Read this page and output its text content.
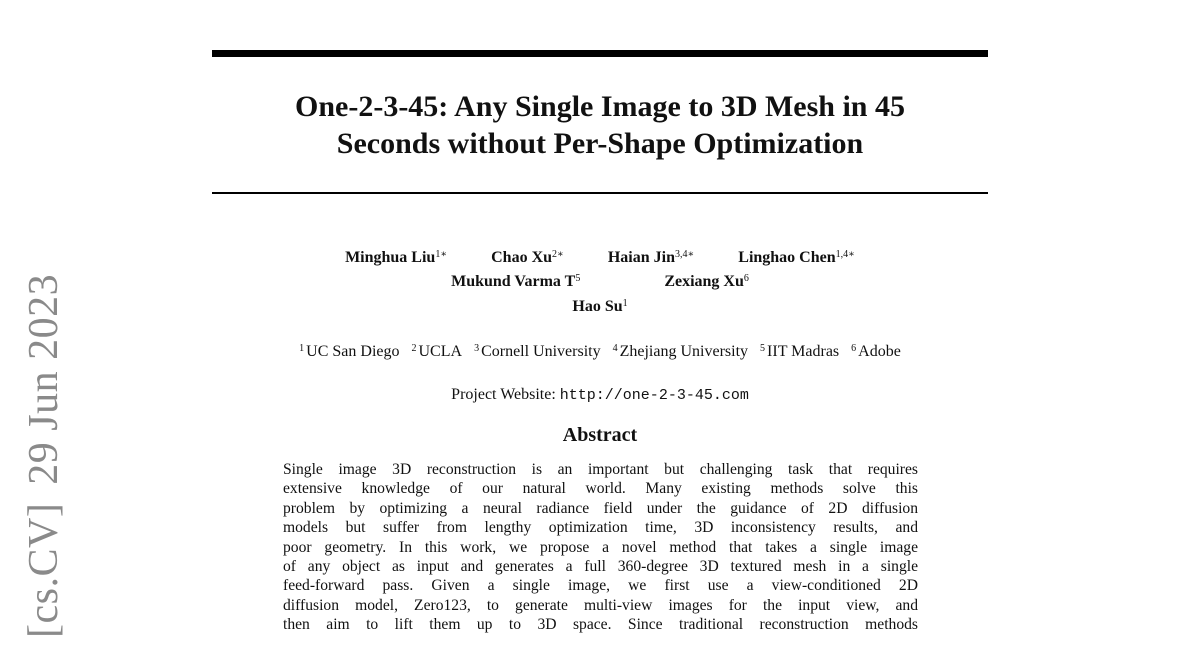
One-2-3-45: Any Single Image to 3D Mesh in 45
Seconds without Per-Shape Optimization
Minghua Liu$^{1∗}$	Chao $Xu^{2∗}$	Haian Jin$^{3,4∗}$	Linghao Chen$^{1,4∗}$
Mukund Varma $T^5$	Zexiang Xu$^6$
Hao Su$^1$
$^1$ UC San Diego $^2$ UCLA $^3$ Cornell University $^4$ Zhejiang University $^5$ IIT Madras $^6$ Adobe
Project Website: http://one-2-3-45.com
Abstract
Single image 3D reconstruction is an important but challenging task that requires
extensive knowledge of our natural world. Many existing methods solve this
problem by optimizing a neural radiance field under the guidance of 2D diffusion
models but suffer from lengthy optimization time, 3D inconsistency results, and
poor geometry. In this work, we propose a novel method that takes a single image
of any object as input and generates a full 360-degree 3D textured mesh in a single
feed-forward pass. Given a single image, we first use a view-conditioned 2D
diffusion model, Zero123, to generate multi-view images for the input view, and
then aim to lift them up to 3D space. Since traditional reconstruction methods
[cs.CV]29 Jun 2023
